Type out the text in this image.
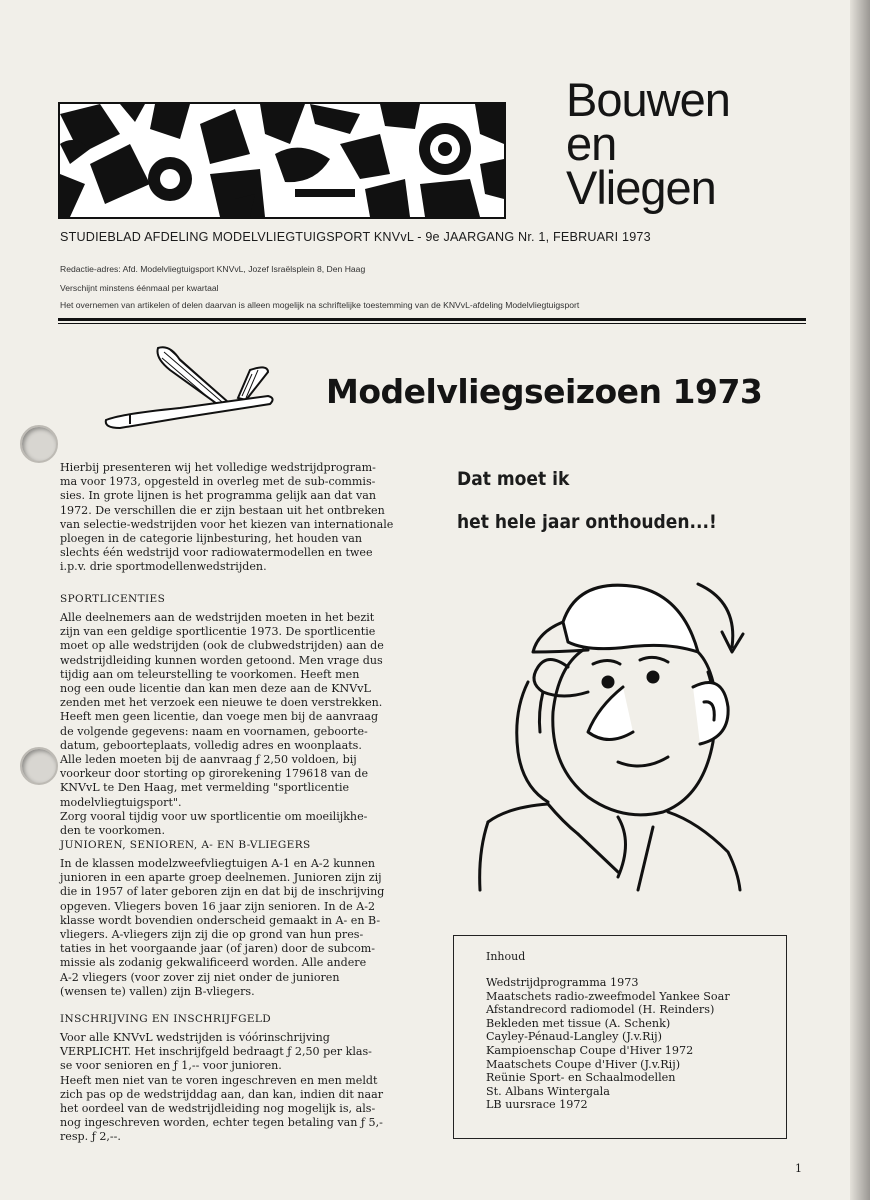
Bouwen
en
Vliegen
STUDIEBLAD AFDELING MODELVLIEGTUIGSPORT KNVvL - 9e JAARGANG Nr. 1, FEBRUARI 1973
Redactie-adres: Afd. Modelvliegtuigsport KNVvL, Jozef Israëlsplein 8, Den Haag
Verschijnt minstens éénmaal per kwartaal
Het overnemen van artikelen of delen daarvan is alleen mogelijk na schriftelijke toestemming van de KNVvL-afdeling Modelvliegtuigsport
Modelvliegseizoen 1973

Hierbij presenteren wij het volledige wedstrijdprogram-

ma voor 1973, opgesteld in overleg met de sub-commis-

sies. In grote lijnen is het programma gelijk aan dat van

1972. De verschillen die er zijn bestaan uit het ontbreken

van selectie-wedstrijden voor het kiezen van internationale

ploegen in de categorie lijnbesturing, het houden van

slechts één wedstrijd voor radiowatermodellen en twee

i.p.v. drie sportmodellenwedstrijden.

SPORTLICENTIES

Alle deelnemers aan de wedstrijden moeten in het bezit

zijn van een geldige sportlicentie 1973. De sportlicentie

moet op alle wedstrijden (ook de clubwedstrijden) aan de

wedstrijdleiding kunnen worden getoond. Men vrage dus

tijdig aan om teleurstelling te voorkomen. Heeft men

nog een oude licentie dan kan men deze aan de KNVvL

zenden met het verzoek een nieuwe te doen verstrekken.

Heeft men geen licentie, dan voege men bij de aanvraag

de volgende gegevens: naam en voornamen, geboorte-

datum, geboorteplaats, volledig adres en woonplaats.

Alle leden moeten bij de aanvraag ƒ 2,50 voldoen, bij

voorkeur door storting op girorekening 179618 van de

KNVvL te Den Haag, met vermelding "sportlicentie

modelvliegtuigsport".

Zorg vooral tijdig voor uw sportlicentie om moeilijkhe-

den te voorkomen.

JUNIOREN, SENIOREN, A- EN B-VLIEGERS

In de klassen modelzweefvliegtuigen A-1 en A-2 kunnen

junioren in een aparte groep deelnemen. Junioren zijn zij

die in 1957 of later geboren zijn en dat bij de inschrijving

opgeven. Vliegers boven 16 jaar zijn senioren. In de A-2

klasse wordt bovendien onderscheid gemaakt in A- en B-

vliegers. A-vliegers zijn zij die op grond van hun pres-

taties in het voorgaande jaar (of jaren) door de subcom-

missie als zodanig gekwalificeerd worden. Alle andere

A-2 vliegers (voor zover zij niet onder de junioren

(wensen te) vallen) zijn B-vliegers.

INSCHRIJVING EN INSCHRIJFGELD

Voor alle KNVvL wedstrijden is vóórinschrijving

VERPLICHT. Het inschrijfgeld bedraagt ƒ 2,50 per klas-

se voor senioren en ƒ 1,-- voor junioren.

Heeft men niet van te voren ingeschreven en men meldt

zich pas op de wedstrijddag aan, dan kan, indien dit naar

het oordeel van de wedstrijdleiding nog mogelijk is, als-

nog ingeschreven worden, echter tegen betaling van ƒ 5,-

resp. ƒ 2,--.

Dat moet ik
het hele jaar onthouden...!
Inhoud
Wedstrijdprogramma 1973
Maatschets radio-zweefmodel Yankee Soar
Afstandrecord radiomodel (H. Reinders)
Bekleden met tissue (A. Schenk)
Cayley-Pénaud-Langley (J.v.Rij)
Kampioenschap Coupe d'Hiver 1972
Maatschets Coupe d'Hiver (J.v.Rij)
Reünie Sport- en Schaalmodellen
St. Albans Wintergala
LB uursrace 1972
1
